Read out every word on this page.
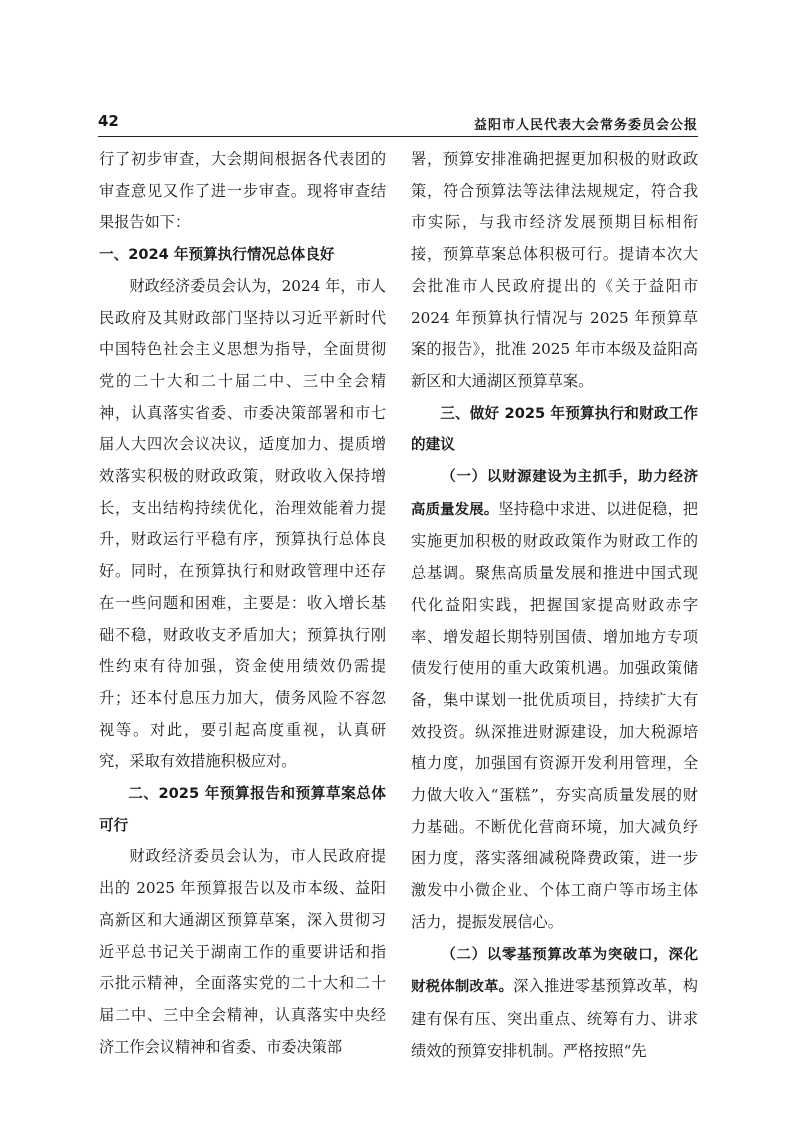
42	益阳市人民代表大会常务委员会公报

行了初步审查，大会期间根据各代表团的审查意见又作了进一步审查。现将审查结果报告如下：

一、2024 年预算执行情况总体良好

财政经济委员会认为，2024 年，市人民政府及其财政部门坚持以习近平新时代中国特色社会主义思想为指导，全面贯彻党的二十大和二十届二中、三中全会精神，认真落实省委、市委决策部署和市七届人大四次会议决议，适度加力、提质增效落实积极的财政政策，财政收入保持增长，支出结构持续优化，治理效能着力提升，财政运行平稳有序，预算执行总体良好。同时，在预算执行和财政管理中还存在一些问题和困难，主要是：收入增长基础不稳，财政收支矛盾加大；预算执行刚性约束有待加强，资金使用绩效仍需提升；还本付息压力加大，债务风险不容忽视等。对此，要引起高度重视，认真研究，采取有效措施积极应对。

二、2025 年预算报告和预算草案总体可行

财政经济委员会认为，市人民政府提出的 2025 年预算报告以及市本级、益阳高新区和大通湖区预算草案，深入贯彻习近平总书记关于湖南工作的重要讲话和指示批示精神，全面落实党的二十大和二十届二中、三中全会精神，认真落实中央经济工作会议精神和省委、市委决策部

署，预算安排准确把握更加积极的财政政策，符合预算法等法律法规规定，符合我市实际，与我市经济发展预期目标相衔接，预算草案总体积极可行。提请本次大会批准市人民政府提出的《关于益阳市 2024 年预算执行情况与 2025 年预算草案的报告》，批准 2025 年市本级及益阳高新区和大通湖区预算草案。

三、做好 2025 年预算执行和财政工作的建议

（一）以财源建设为主抓手，助力经济高质量发展。坚持稳中求进、以进促稳，把实施更加积极的财政政策作为财政工作的总基调。聚焦高质量发展和推进中国式现代化益阳实践，把握国家提高财政赤字率、增发超长期特别国债、增加地方专项债发行使用的重大政策机遇。加强政策储备，集中谋划一批优质项目，持续扩大有效投资。纵深推进财源建设，加大税源培植力度，加强国有资源开发利用管理，全力做大收入“蛋糕”，夯实高质量发展的财力基础。不断优化营商环境，加大减负纾困力度，落实落细减税降费政策，进一步激发中小微企业、个体工商户等市场主体活力，提振发展信心。

（二）以零基预算改革为突破口，深化财税体制改革。深入推进零基预算改革，构建有保有压、突出重点、统筹有力、讲求绩效的预算安排机制。严格按照“先
